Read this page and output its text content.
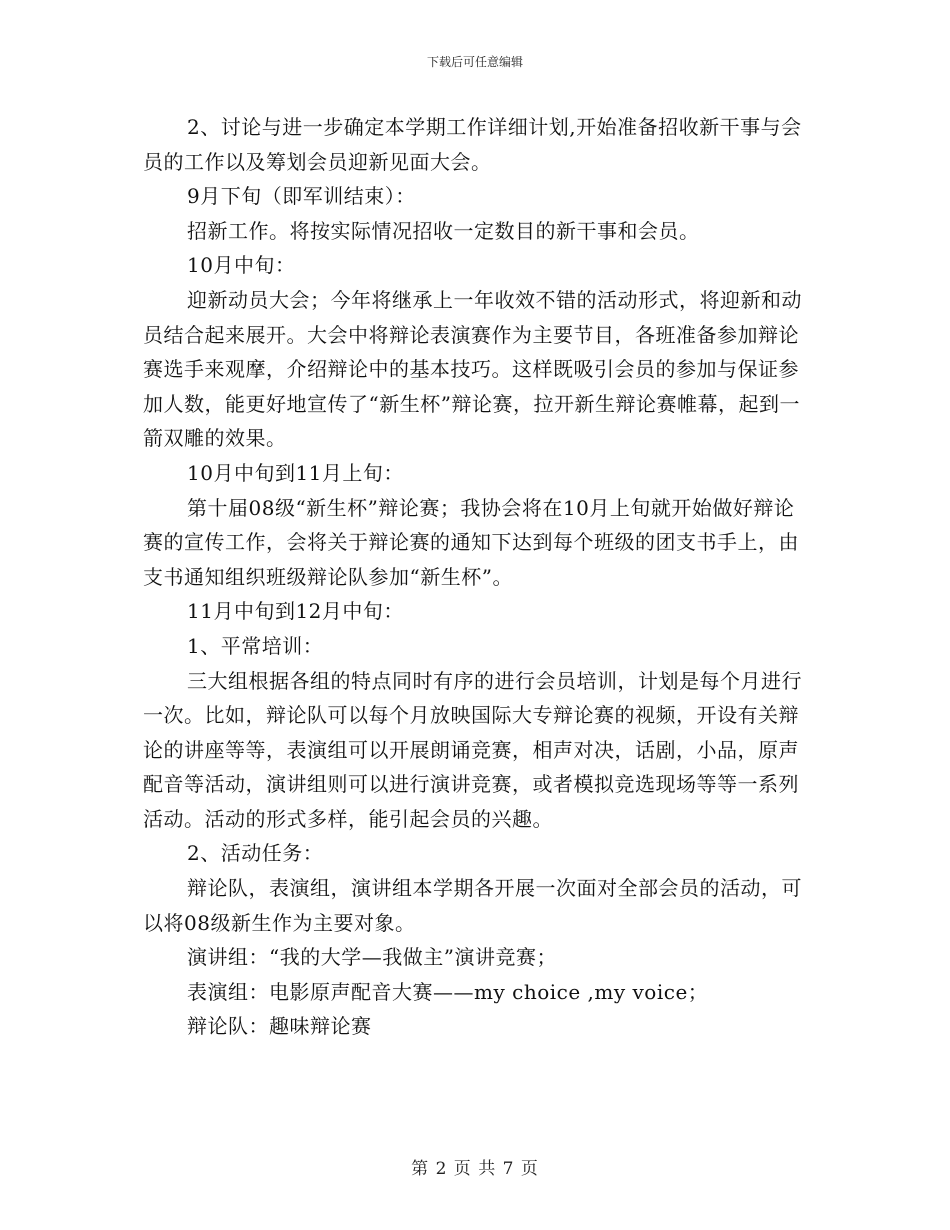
下载后可任意编辑

2、讨论与进一步确定本学期工作详细计划,开始准备招收新干事与会员的工作以及筹划会员迎新见面大会。

9月下旬（即军训结束）：

招新工作。将按实际情况招收一定数目的新干事和会员。

10月中旬：

迎新动员大会；今年将继承上一年收效不错的活动形式，将迎新和动员结合起来展开。大会中将辩论表演赛作为主要节目，各班准备参加辩论赛选手来观摩，介绍辩论中的基本技巧。这样既吸引会员的参加与保证参加人数，能更好地宣传了“新生杯”辩论赛，拉开新生辩论赛帷幕，起到一箭双雕的效果。

10月中旬到11月上旬：

第十届08级“新生杯”辩论赛；我协会将在10月上旬就开始做好辩论赛的宣传工作，会将关于辩论赛的通知下达到每个班级的团支书手上，由支书通知组织班级辩论队参加“新生杯”。

11月中旬到12月中旬：

1、平常培训：

三大组根据各组的特点同时有序的进行会员培训，计划是每个月进行一次。比如，辩论队可以每个月放映国际大专辩论赛的视频，开设有关辩论的讲座等等，表演组可以开展朗诵竞赛，相声对决，话剧，小品，原声配音等活动，演讲组则可以进行演讲竞赛，或者模拟竞选现场等等一系列活动。活动的形式多样，能引起会员的兴趣。

2、活动任务：

辩论队，表演组，演讲组本学期各开展一次面对全部会员的活动，可以将08级新生作为主要对象。

演讲组：“我的大学—我做主”演讲竞赛；

表演组：电影原声配音大赛——my choice ,my voice；

辩论队：趣味辩论赛

第 2 页 共 7 页
